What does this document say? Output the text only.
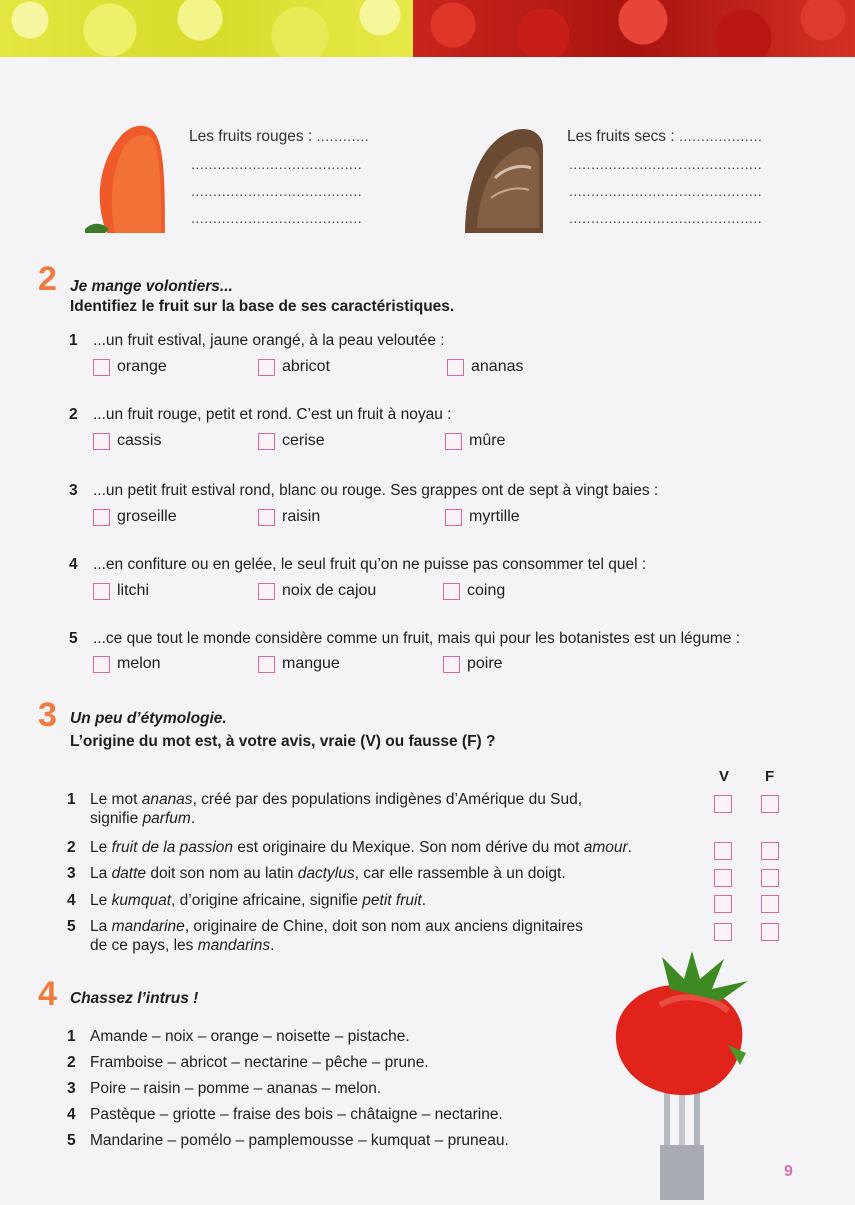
Les fruits rouges : ............
.......................................
.......................................
.......................................
Les fruits secs : ...................
............................................
............................................
............................................
2 Je mange volontiers...
Identifiez le fruit sur la base de ses caractéristiques.
1 ...un fruit estival, jaune orangé, à la peau veloutée :
orange	abricot	ananas
2 ...un fruit rouge, petit et rond. C’est un fruit à noyau :
cassis	cerise	mûre
3 ...un petit fruit estival rond, blanc ou rouge. Ses grappes ont de sept à vingt baies :
groseille	raisin	myrtille
4 ...en confiture ou en gelée, le seul fruit qu’on ne puisse pas consommer tel quel :
litchi	noix de cajou	coing
5 ...ce que tout le monde considère comme un fruit, mais qui pour les botanistes est un légume :
melon	mangue	poire
3 Un peu d’étymologie.
L’origine du mot est, à votre avis, vraie (V) ou fausse (F) ?
V F
1 Le mot ananas, créé par des populations indigènes d’Amérique du Sud,
signifie parfum.
2 Le fruit de la passion est originaire du Mexique. Son nom dérive du mot amour.
3 La datte doit son nom au latin dactylus, car elle rassemble à un doigt.
4 Le kumquat, d’origine africaine, signifie petit fruit.
5 La mandarine, originaire de Chine, doit son nom aux anciens dignitaires
de ce pays, les mandarins.
4 Chassez l’intrus !
1 Amande – noix – orange – noisette – pistache.
2 Framboise – abricot – nectarine – pêche – prune.
3 Poire – raisin – pomme – ananas – melon.
4 Pastèque – griotte – fraise des bois – châtaigne – nectarine.
5 Mandarine – pomélo – pamplemousse – kumquat – pruneau.
9
